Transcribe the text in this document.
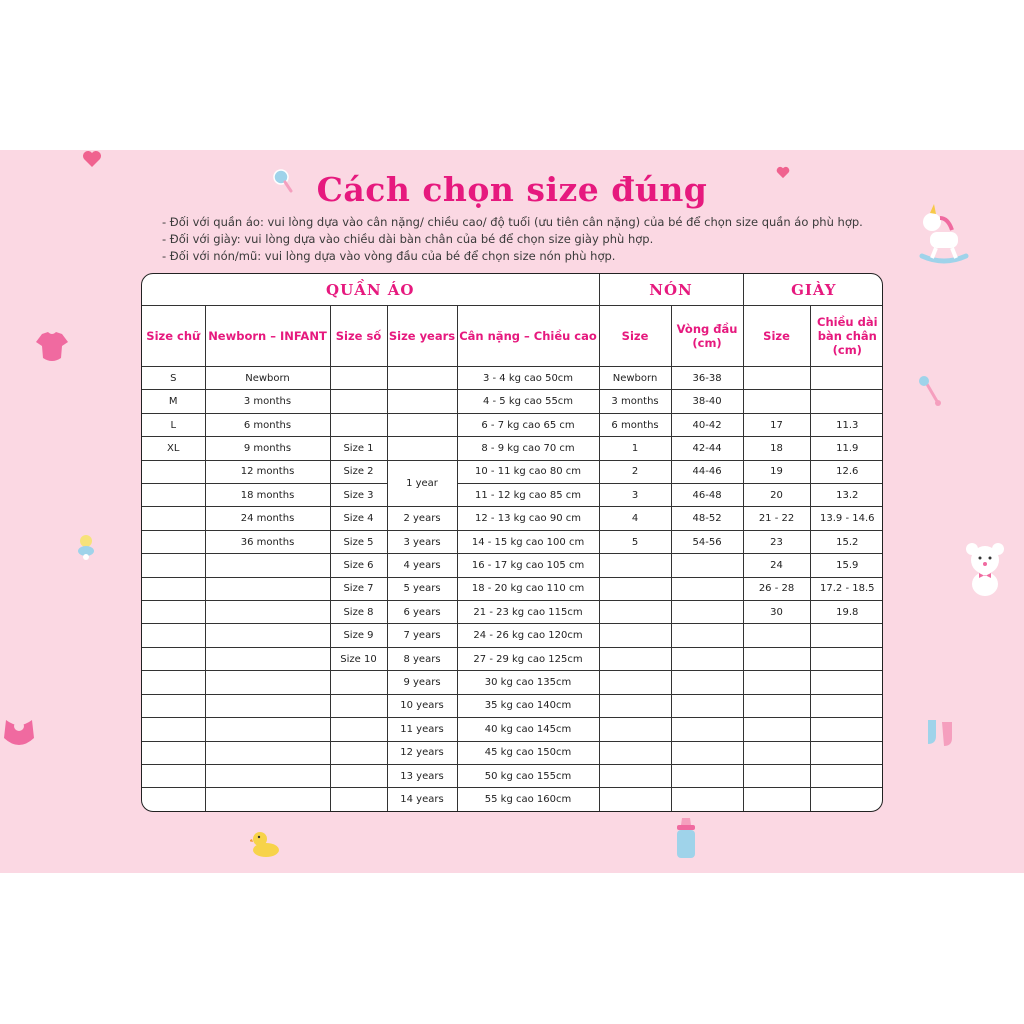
Cách chọn size đúng
- Đối với quần áo: vui lòng dựa vào cân nặng/ chiều cao/ độ tuổi (ưu tiên cân nặng) của bé để chọn size quần áo phù hợp.
- Đối với giày: vui lòng dựa vào chiều dài bàn chân của bé để chọn size giày phù hợp.
- Đối với nón/mũ: vui lòng dựa vào vòng đầu của bé để chọn size nón phù hợp.
QUẦN ÁO					NÓN		GIÀY	
Size chữ	Newborn – INFANT	Size số	Size years	Cân nặng – Chiều cao	Size	Vòng đầu (cm)	Size	Chiều dài bàn chân (cm)
S	Newborn			3 - 4 kg cao 50cm	Newborn	36-38		
M	3 months			4 - 5 kg cao 55cm	3 months	38-40		
L	6 months			6 - 7 kg cao 65 cm	6 months	40-42	17	11.3
XL	9 months	Size 1		8 - 9 kg cao 70 cm	1	42-44	18	11.9
	12 months	Size 2	1 year	10 - 11 kg cao 80 cm	2	44-46	19	12.6
	18 months	Size 3		11 - 12 kg cao 85 cm	3	46-48	20	13.2
	24 months	Size 4	2 years	12 - 13 kg cao 90 cm	4	48-52	21 - 22	13.9 - 14.6
	36 months	Size 5	3 years	14 - 15 kg cao 100 cm	5	54-56	23	15.2
		Size 6	4 years	16 - 17 kg cao 105 cm			24	15.9
		Size 7	5 years	18 - 20 kg cao 110 cm			26 - 28	17.2 - 18.5
		Size 8	6 years	21 - 23 kg cao 115cm			30	19.8
		Size 9	7 years	24 - 26 kg cao 120cm				
		Size 10	8 years	27 - 29 kg cao 125cm				
			9 years	30 kg cao 135cm				
			10 years	35 kg cao 140cm				
			11 years	40 kg cao 145cm				
			12 years	45 kg cao 150cm				
			13 years	50 kg cao 155cm				
			14 years	55 kg cao 160cm				
